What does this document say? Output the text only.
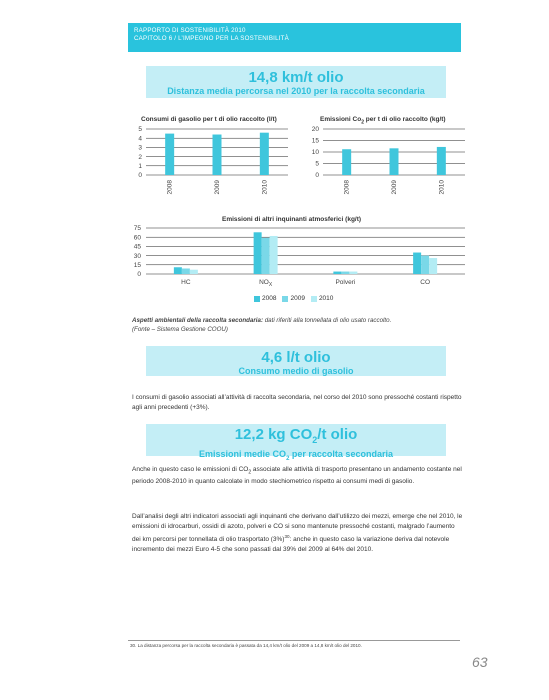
RAPPORTO DI SOSTENIBILITÀ 2010
CAPITOLO 6 / L’IMPEGNO PER LA SOSTENIBILITÀ
14,8 km/t olio
Distanza media percorsa nel 2010 per la raccolta secondaria
Consumi di gasolio per t di olio raccolto (l/t)	Emissioni $Co_2$ per t di olio raccolto (kg/t)
Emissioni di altri inquinanti atmosferici (kg/t)
5
4
3
2
1
0
2008	2009	2010
20
15
10
5
0
2008	2009	2010
75
60
45
30
15
0
HC	$NO_X$	Polveri	CO
2008 2009 2010
Aspetti ambientali della raccolta secondaria: dati riferiti alla tonnellata di olio usato raccolto.
(Fonte – Sistema Gestione COOU)
4,6 l/t olio
Consumo medio di gasolio
I consumi di gasolio associati all’attività di raccolta secondaria, nel corso del 2010 sono pressoché costanti rispetto agli anni precedenti (+3%).
12,2 kg $CO_2/t$ olio
Emissioni medie $CO_2$ per raccolta secondaria
Anche in questo caso le emissioni di $CO_2$ associate alle attività di trasporto presentano un andamento costante nel periodo 2008-2010 in quanto calcolate in modo stechiometrico rispetto ai consumi medi di gasolio.
Dall’analisi degli altri indicatori associati agli inquinanti che derivano dall’utilizzo dei mezzi, emerge che nel 2010, le emissioni di idrocarburi, ossidi di azoto, polveri e CO si sono mantenute pressoché costanti, malgrado l’aumento dei km percorsi per tonnellata di olio trasportato $(3\%)^{30}$: anche in questo caso la variazione deriva dal notevole incremento dei mezzi Euro 4-5 che sono passati dal 39% del 2009 al 64% del 2010.
30. La distanza percorsa per la raccolta secondaria è passata da 14,4 km/t olio del 2009 a 14,8 km/t olio del 2010.
63
